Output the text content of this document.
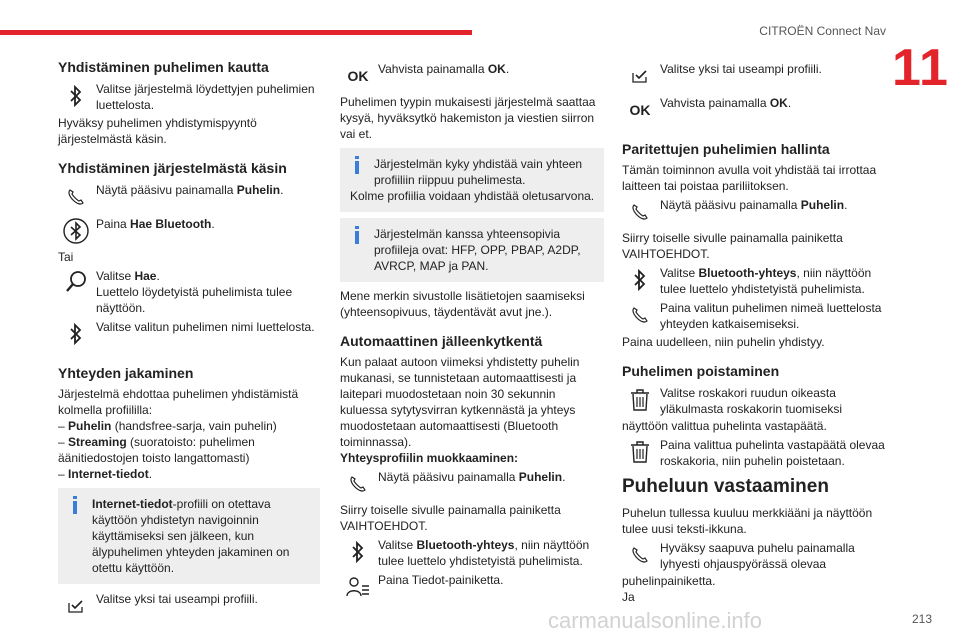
CITROËN Connect Nav
11
carmanualsonline.info	213
Yhdistäminen puhelimen kautta
Valitse järjestelmä löydettyjen puhelimien luettelosta.

Hyväksy puhelimen yhdistymispyyntö järjestelmästä käsin.

Yhdistäminen järjestelmästä käsin
Näytä pääsivu painamalla Puhelin.
Paina Hae Bluetooth.

Tai

Valitse Hae.
Luettelo löydetyistä puhelimista tulee näyttöön.
Valitse valitun puhelimen nimi luettelosta.
Yhteyden jakaminen

Järjestelmä ehdottaa puhelimen yhdistämistä kolmella profiililla:

– Puhelin (handsfree-sarja, vain puhelin)

– Streaming (suoratoisto: puhelimen äänitiedostojen toisto langattomasti)

– Internet-tiedot.

Internet-tiedot-profiili on otettava käyttöön yhdistetyn navigoinnin käyttämiseksi sen jälkeen, kun älypuhelimen yhteyden jakaminen on otettu käyttöön.

Valitse yksi tai useampi profiili.
OK Vahvista painamalla OK.

Puhelimen tyypin mukaisesti järjestelmä saattaa kysyä, hyväksytkö hakemiston ja viestien siirron vai et.

Järjestelmän kyky yhdistää vain yhteen profiiliin riippuu puhelimesta.

Kolme profiilia voidaan yhdistää oletusarvona.

Järjestelmän kanssa yhteensopivia profiileja ovat: HFP, OPP, PBAP, A2DP, AVRCP, MAP ja PAN.

Mene merkin sivustolle lisätietojen saamiseksi (yhteensopivuus, täydentävät avut jne.).

Automaattinen jälleenkytkentä

Kun palaat autoon viimeksi yhdistetty puhelin mukanasi, se tunnistetaan automaattisesti ja laitepari muodostetaan noin 30 sekunnin kuluessa sytytysvirran kytkennästä ja yhteys muodostetaan automaattisesti (Bluetooth toiminnassa).

Yhteysprofiilin muokkaaminen:

Näytä pääsivu painamalla Puhelin.

Siirry toiselle sivulle painamalla painiketta VAIHTOEHDOT.

Valitse Bluetooth-yhteys, niin näyttöön tulee luettelo yhdistetyistä puhelimista.
Paina Tiedot-painiketta.
Valitse yksi tai useampi profiili.
OK Vahvista painamalla OK.
Paritettujen puhelimien hallinta

Tämän toiminnon avulla voit yhdistää tai irrottaa laitteen tai poistaa pariliitoksen.

Näytä pääsivu painamalla Puhelin.

Siirry toiselle sivulle painamalla painiketta VAIHTOEHDOT.

Valitse Bluetooth-yhteys, niin näyttöön tulee luettelo yhdistetyistä puhelimista.
Paina valitun puhelimen nimeä luettelosta yhteyden katkaisemiseksi.

Paina uudelleen, niin puhelin yhdistyy.

Puhelimen poistaminen
Valitse roskakori ruudun oikeasta yläkulmasta roskakorin tuomiseksi

näyttöön valittua puhelinta vastapäätä.

Paina valittua puhelinta vastapäätä olevaa roskakoria, niin puhelin poistetaan.
Puheluun vastaaminen

Puhelun tullessa kuuluu merkkiääni ja näyttöön tulee uusi teksti-ikkuna.

Hyväksy saapuva puhelu painamalla lyhyesti ohjauspyörässä olevaa

puhelinpainiketta.

Ja
